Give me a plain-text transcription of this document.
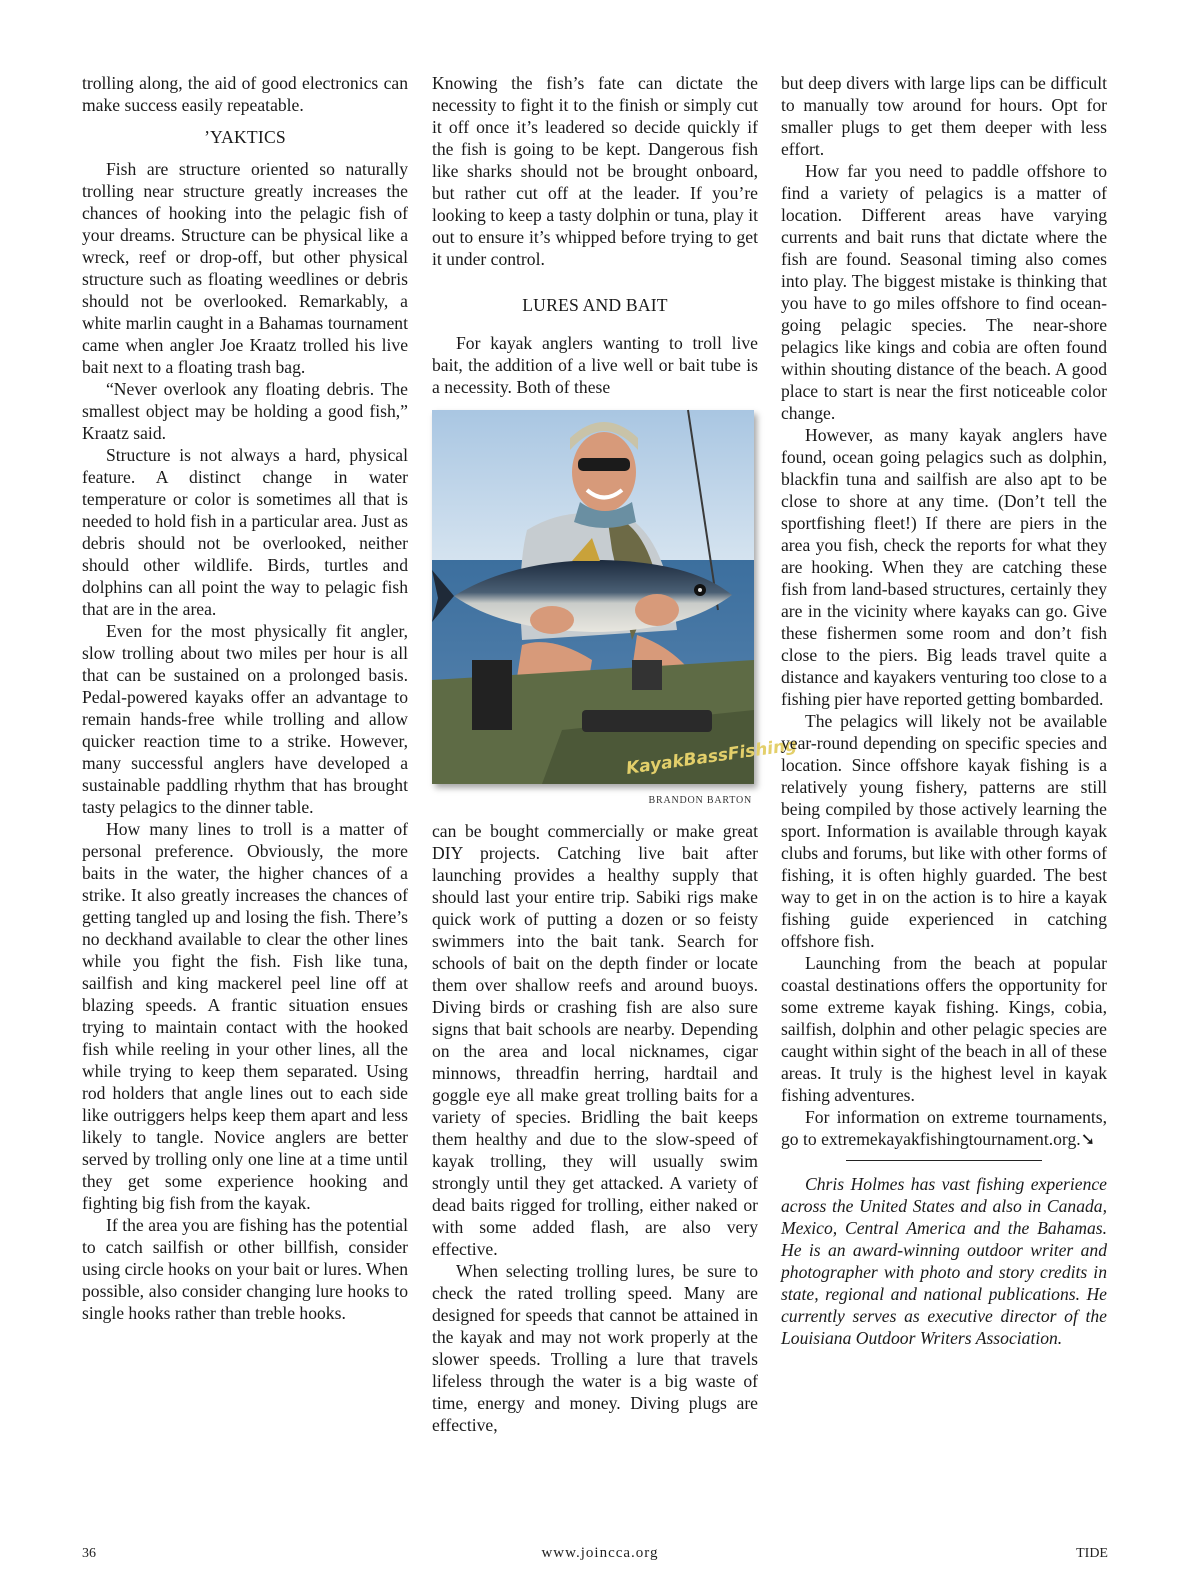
trolling along, the aid of good electronics can make success easily repeatable.

’YAKTICS

Fish are structure oriented so naturally trolling near structure greatly increases the chances of hooking into the pelagic fish of your dreams. Structure can be physical like a wreck, reef or drop-off, but other physical structure such as floating weedlines or debris should not be overlooked. Remarkably, a white marlin caught in a Bahamas tournament came when angler Joe Kraatz trolled his live bait next to a floating trash bag.

“Never overlook any floating debris. The smallest object may be holding a good fish,” Kraatz said.

Structure is not always a hard, physical feature. A distinct change in water temperature or color is sometimes all that is needed to hold fish in a particular area. Just as debris should not be overlooked, neither should other wildlife. Birds, turtles and dolphins can all point the way to pelagic fish that are in the area.

Even for the most physically fit angler, slow trolling about two miles per hour is all that can be sustained on a prolonged basis. Pedal-powered kayaks offer an advantage to remain hands-free while trolling and allow quicker reaction time to a strike. However, many successful anglers have developed a sustainable paddling rhythm that has brought tasty pelagics to the dinner table.

How many lines to troll is a matter of personal preference. Obviously, the more baits in the water, the higher chances of a strike. It also greatly increases the chances of getting tangled up and losing the fish. There’s no deckhand available to clear the other lines while you fight the fish. Fish like tuna, sailfish and king mackerel peel line off at blazing speeds. A frantic situation ensues trying to maintain contact with the hooked fish while reeling in your other lines, all the while trying to keep them separated. Using rod holders that angle lines out to each side like outriggers helps keep them apart and less likely to tangle. Novice anglers are better served by trolling only one line at a time until they get some experience hooking and fighting big fish from the kayak.

If the area you are fishing has the potential to catch sailfish or other billfish, consider using circle hooks on your bait or lures. When possible, also consider changing lure hooks to single hooks rather than treble hooks.

Knowing the fish’s fate can dictate the necessity to fight it to the finish or simply cut it off once it’s leadered so decide quickly if the fish is going to be kept. Dangerous fish like sharks should not be brought onboard, but rather cut off at the leader. If you’re looking to keep a tasty dolphin or tuna, play it out to ensure it’s whipped before trying to get it under control.

LURES AND BAIT

For kayak anglers wanting to troll live bait, the addition of a live well or bait tube is a necessity. Both of these

KayakBassFishing
BRANDON BARTON

can be bought commercially or make great DIY projects. Catching live bait after launching provides a healthy supply that should last your entire trip. Sabiki rigs make quick work of putting a dozen or so feisty swimmers into the bait tank. Search for schools of bait on the depth finder or locate them over shallow reefs and around buoys. Diving birds or crashing fish are also sure signs that bait schools are nearby. Depending on the area and local nicknames, cigar minnows, threadfin herring, hardtail and goggle eye all make great trolling baits for a variety of species. Bridling the bait keeps them healthy and due to the slow-speed of kayak trolling, they will usually swim strongly until they get attacked. A variety of dead baits rigged for trolling, either naked or with some added flash, are also very effective.

When selecting trolling lures, be sure to check the rated trolling speed. Many are designed for speeds that cannot be attained in the kayak and may not work properly at the slower speeds. Trolling a lure that travels lifeless through the water is a big waste of time, energy and money. Diving plugs are effective,

but deep divers with large lips can be difficult to manually tow around for hours. Opt for smaller plugs to get them deeper with less effort.

How far you need to paddle offshore to find a variety of pelagics is a matter of location. Different areas have varying currents and bait runs that dictate where the fish are found. Seasonal timing also comes into play. The biggest mistake is thinking that you have to go miles offshore to find ocean-going pelagic species. The near-shore pelagics like kings and cobia are often found within shouting distance of the beach. A good place to start is near the first noticeable color change.

However, as many kayak anglers have found, ocean going pelagics such as dolphin, blackfin tuna and sailfish are also apt to be close to shore at any time. (Don’t tell the sportfishing fleet!) If there are piers in the area you fish, check the reports for what they are hooking. When they are catching these fish from land-based structures, certainly they are in the vicinity where kayaks can go. Give these fishermen some room and don’t fish close to the piers. Big leads travel quite a distance and kayakers venturing too close to a fishing pier have reported getting bombarded.

The pelagics will likely not be available year-round depending on specific species and location. Since offshore kayak fishing is a relatively young fishery, patterns are still being compiled by those actively learning the sport. Information is available through kayak clubs and forums, but like with other forms of fishing, it is often highly guarded. The best way to get in on the action is to hire a kayak fishing guide experienced in catching offshore fish.

Launching from the beach at popular coastal destinations offers the opportunity for some extreme kayak fishing. Kings, cobia, sailfish, dolphin and other pelagic species are caught within sight of the beach in all of these areas. It truly is the highest level in kayak fishing adventures.

For information on extreme tournaments, go to extremekayakfishingtournament.org.➘

Chris Holmes has vast fishing experience across the United States and also in Canada, Mexico, Central America and the Bahamas. He is an award-winning outdoor writer and photographer with photo and story credits in state, regional and national publications. He currently serves as executive director of the Louisiana Outdoor Writers Association.

36	www.joincca.org	TIDE
